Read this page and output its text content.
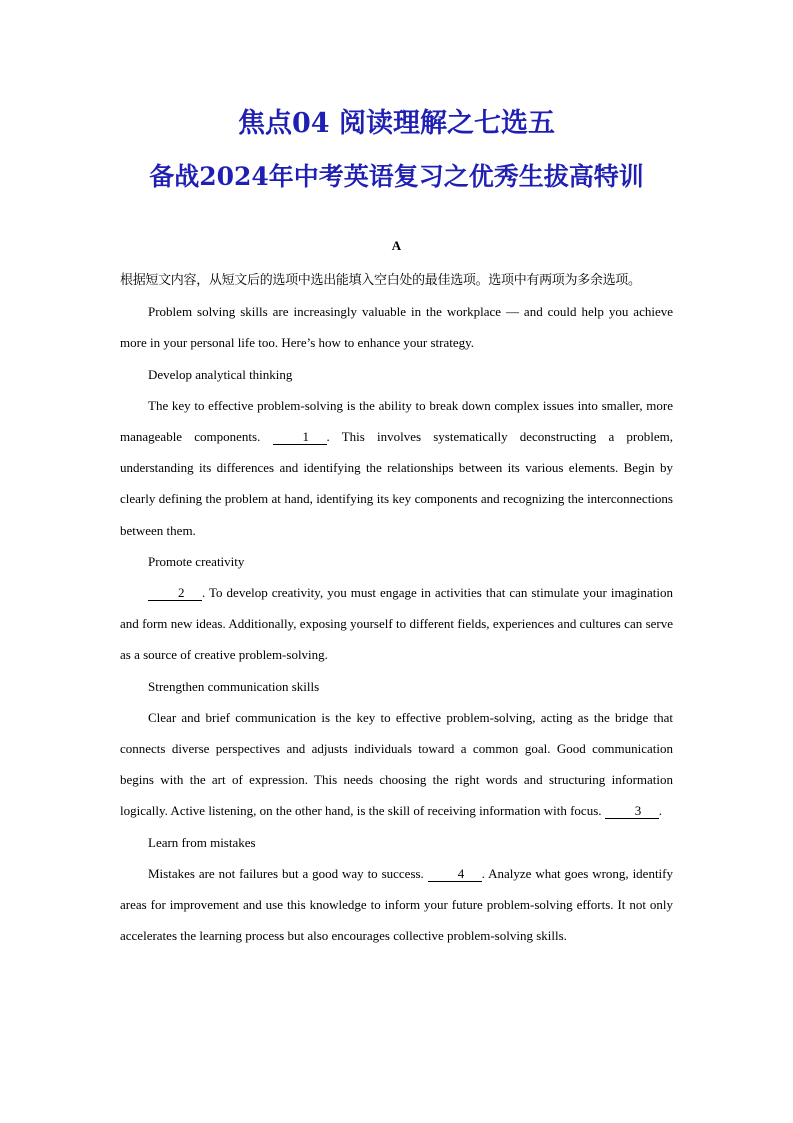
焦点04 阅读理解之七选五
备战2024年中考英语复习之优秀生拔高特训
A

根据短文内容，从短文后的选项中选出能填入空白处的最佳选项。选项中有两项为多余选项。

Problem solving skills are increasingly valuable in the workplace — and could help you achieve more in your personal life too. Here’s how to enhance your strategy.

Develop analytical thinking

The key to effective problem-solving is the ability to break down complex issues into smaller, more manageable components.	1 . This involves systematically deconstructing a problem, understanding its differences and identifying the relationships between its various elements. Begin by clearly defining the problem at hand, identifying its key components and recognizing the interconnections between them.

Promote creativity

2 . To develop creativity, you must engage in activities that can stimulate your imagination and form new ideas. Additionally, exposing yourself to different fields, experiences and cultures can serve as a source of creative problem-solving.

Strengthen communication skills

Clear and brief communication is the key to effective problem-solving, acting as the bridge that connects diverse perspectives and adjusts individuals toward a common goal. Good communication begins with the art of expression. This needs choosing the right words and structuring information logically. Active listening, on the other hand, is the skill of receiving information with focus.	3 .

Learn from mistakes

Mistakes are not failures but a good way to success.	4 . Analyze what goes wrong, identify areas for improvement and use this knowledge to inform your future problem-solving efforts. It not only accelerates the learning process but also encourages collective problem-solving skills.
